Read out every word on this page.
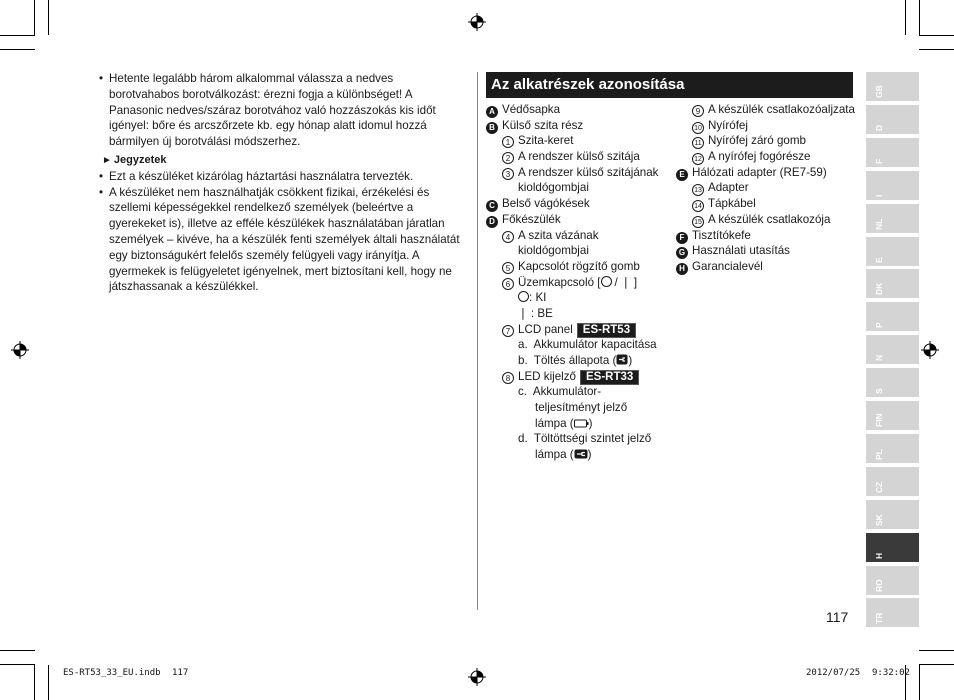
• Hetente legalább három alkalommal válassza a nedves borotvahabos borotválkozást: érezni fogja a különbséget! A Panasonic nedves/száraz borotvához való hozzászokás kis időt igényel: bőre és arcszőrzete kb. egy hónap alatt idomul hozzá bármilyen új borotválási módszerhez.
► Jegyzetek
• Ezt a készüléket kizárólag háztartási használatra tervezték.
• A készüléket nem használhatják csökkent fizikai, érzékelési és szellemi képességekkel rendelkező személyek (beleértve a gyerekeket is), illetve az efféle készülékek használatában járatlan személyek – kivéve, ha a készülék fenti személyek általi használatát egy biztonságukért felelős személy felügyeli vagy irányítja. A gyermekek is felügyeletet igényelnek, mert biztosítani kell, hogy ne játszhassanak a készülékkel.
Az alkatrészek azonosítása
A Védősapka
B Külső szita rész
1 Szita-keret
2 A rendszer külső szitája
3 A rendszer külső szitájának
kioldógombjai
C Belső vágókések
D Főkészülék
4 A szita vázának
kioldógombjai
5 Kapcsolót rögzítő gomb
6 Üzemkapcsoló [ / ❘ ]
: KI
❘ : BE
7 LCD panel ES-RT53
a. Akkumulátor kapacitása
b. Töltés állapota ( )
8 LED kijelző ES-RT33
c. Akkumulátor-
teljesítményt jelző
lámpa ( )
d. Töltöttségi szintet jelző
lámpa ( )
9 A készülék csatlakozóaljzata
10 Nyírófej
11 Nyírófej záró gomb
12 A nyírófej fogórésze
E Hálózati adapter (RE7-59)
13 Adapter
14 Tápkábel
15 A készülék csatlakozója
F Tisztítókefe
G Használati utasítás
H Garancialevél
GB
D
F
I
NL
E
DK
P
N
S
FIN
PL
CZ
SK
H
RO
TR
117
ES-RT53_33_EU.indb 117	2012/07/25 9:32:02
